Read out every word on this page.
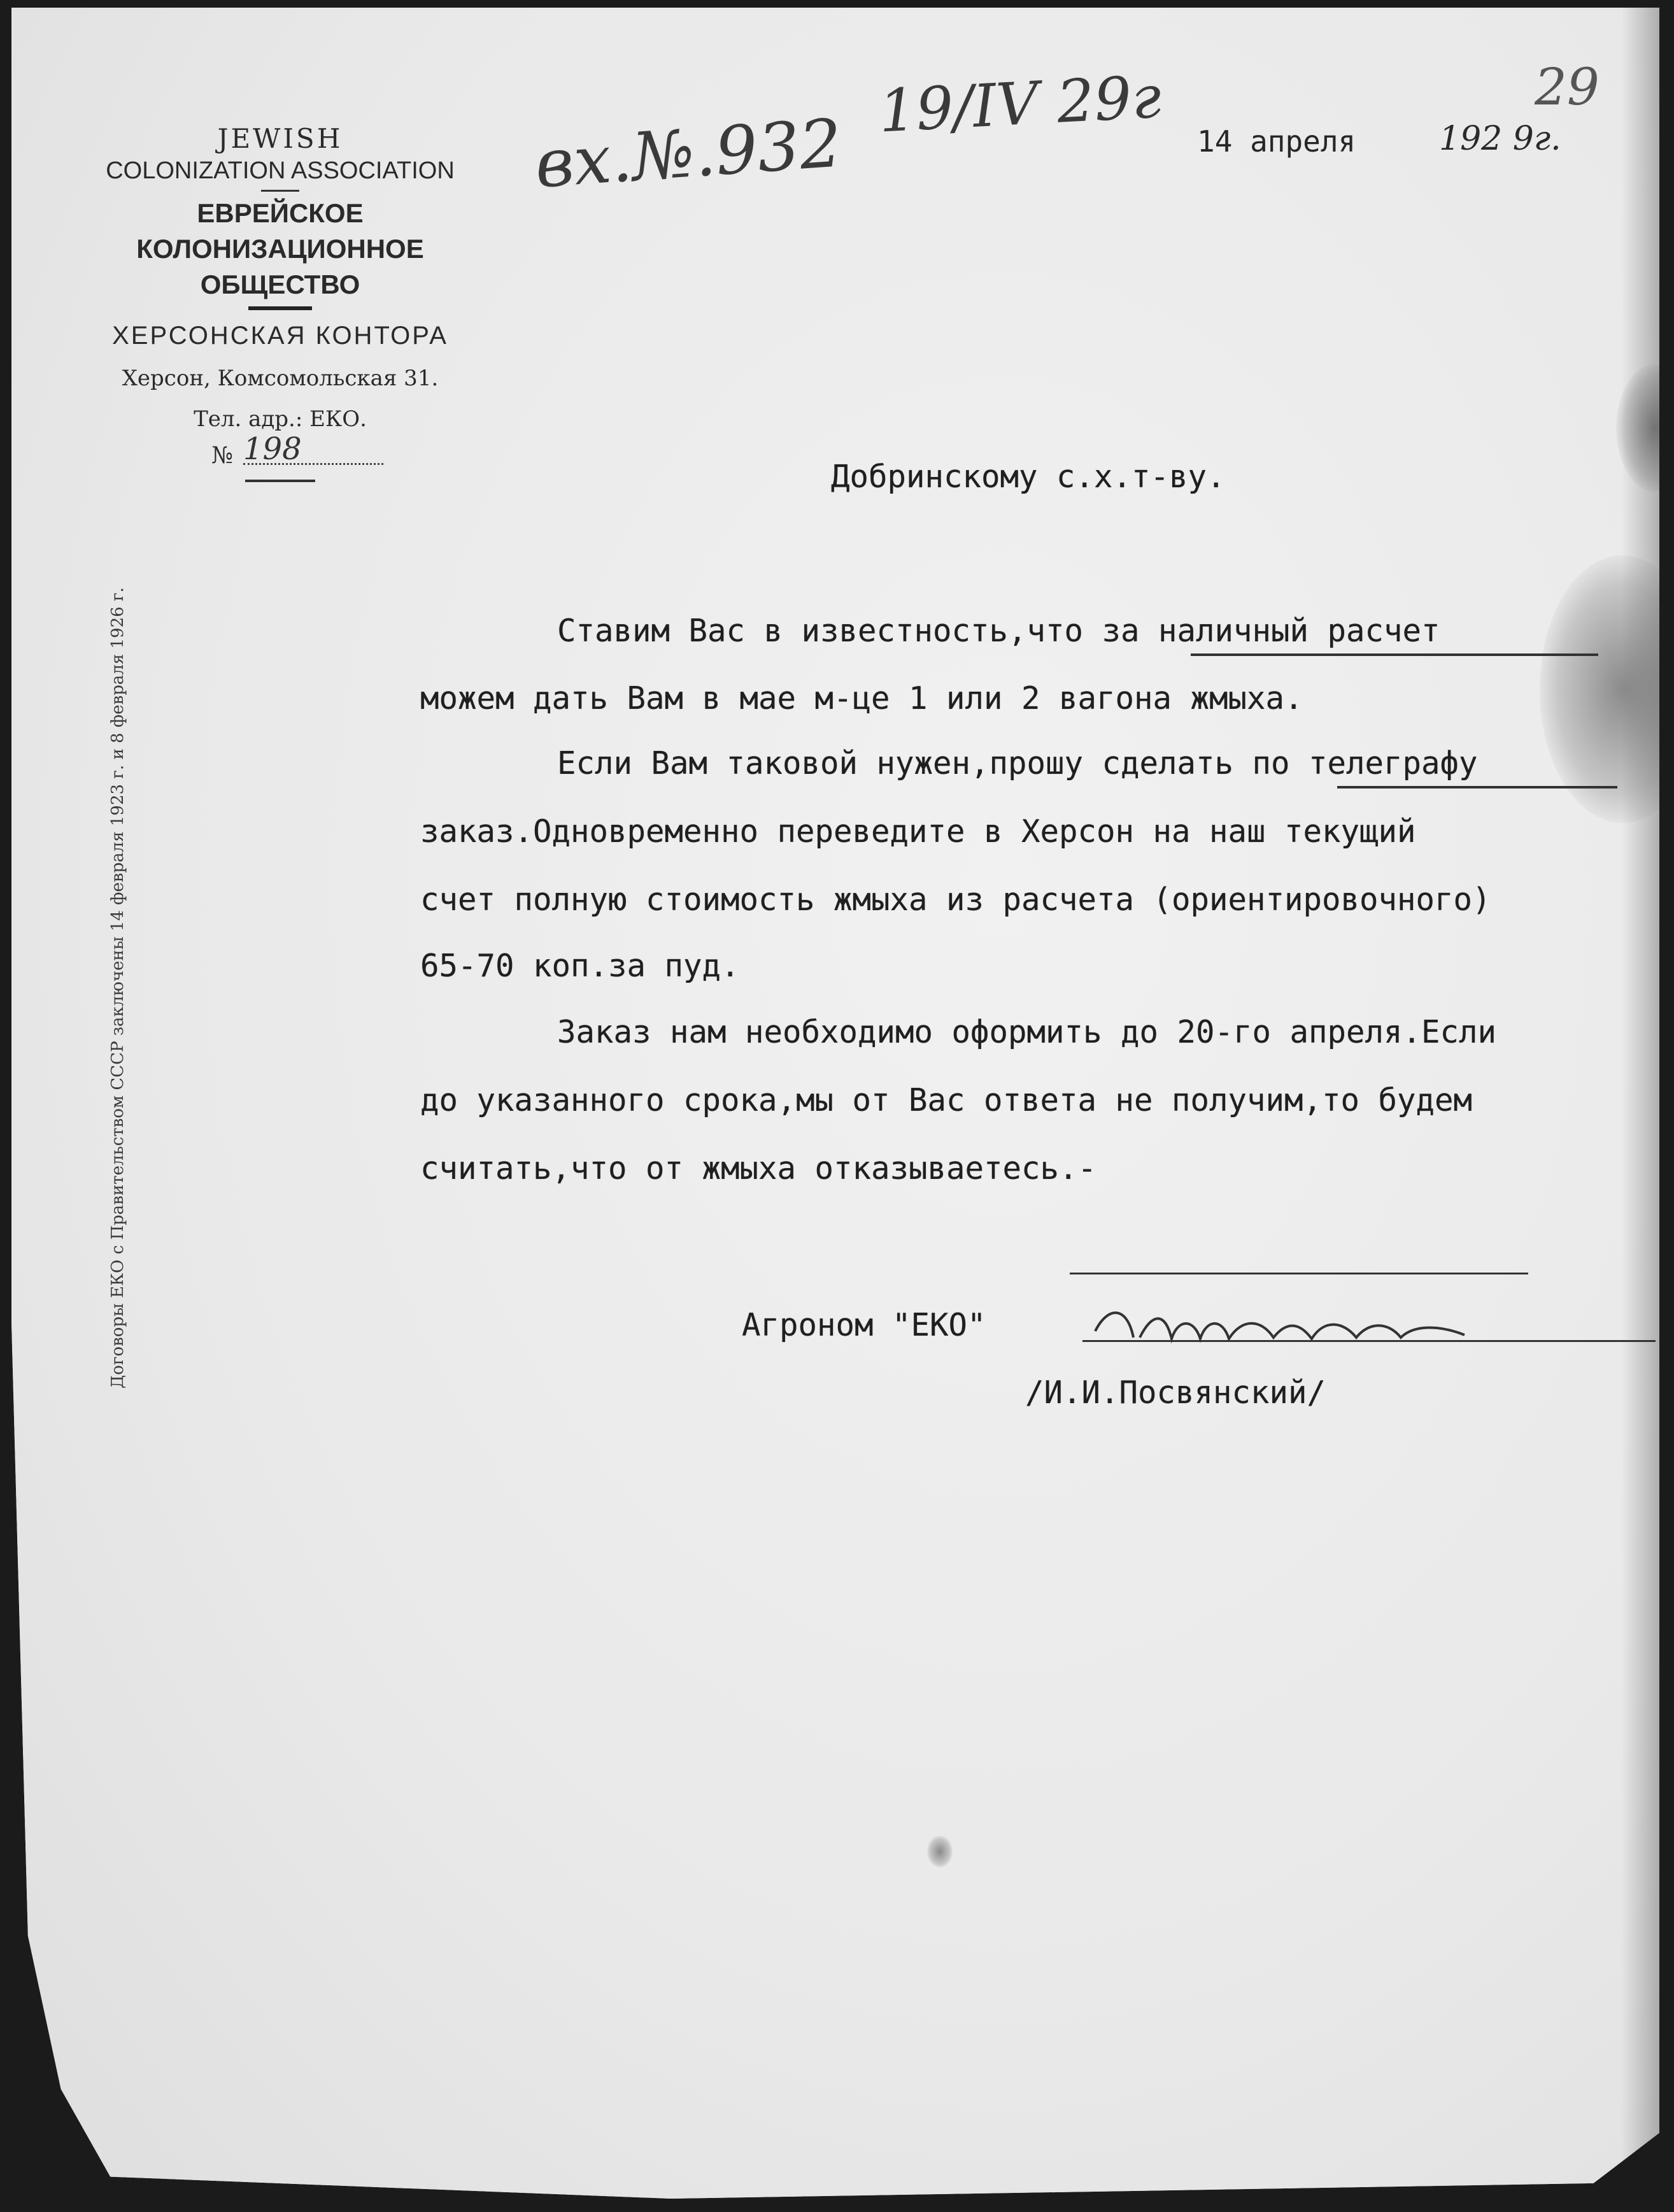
JEWISH
COLONIZATION ASSOCIATION
ЕВРЕЙСКОЕ
КОЛОНИЗАЦИОННОЕ ОБЩЕСТВО
ХЕРСОНСКАЯ КОНТОРА
Херсон, Комсомольская 31.
Тел. адр.: ЕКО.
№ 198
Договоры ЕКО с Правительством СССР заключены 14 февраля 1923 г. и 8 февраля 1926 г.
вх.№.932 19/IV 29г	29
14 апреля	192 9г.
Добринскому с.х.т-ву.
Ставим Вас в известность,что за наличный расчет
можем дать Вам в мае м-це 1 или 2 вагона жмыха.
Если Вам таковой нужен,прошу сделать по телеграфу
заказ.Одновременно переведите в Херсон на наш текущий
счет полную стоимость жмыха из расчета (ориентировочного)
65-70 коп.за пуд.
Заказ нам необходимо оформить до 20-го апреля.Если
до указанного срока,мы от Вас ответа не получим,то будем
считать,что от жмыха отказываетесь.-
Агроном "ЕКО"
/И.И.Посвянский/
